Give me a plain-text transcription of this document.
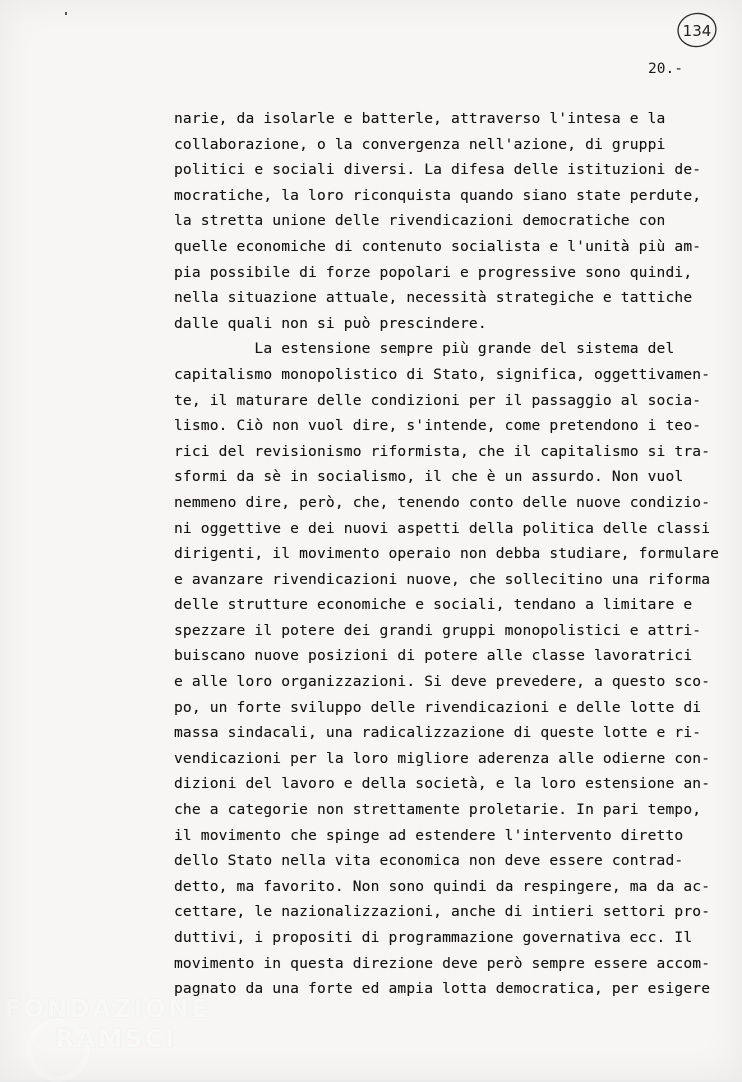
134
20.-
narie, da isolarle e batterle, attraverso l'intesa e la
collaborazione, o la convergenza nell'azione, di gruppi
politici e sociali diversi. La difesa delle istituzioni de-
mocratiche, la loro riconquista quando siano state perdute,
la stretta unione delle rivendicazioni democratiche con
quelle economiche di contenuto socialista e l'unità più am-
pia possibile di forze popolari e progressive sono quindi,
nella situazione attuale, necessità strategiche e tattiche
dalle quali non si può prescindere.
La estensione sempre più grande del sistema del
capitalismo monopolistico di Stato, significa, oggettivamen-
te, il maturare delle condizioni per il passaggio al socia-
lismo. Ciò non vuol dire, s'intende, come pretendono i teo-
rici del revisionismo riformista, che il capitalismo si tra-
sformi da sè in socialismo, il che è un assurdo. Non vuol
nemmeno dire, però, che, tenendo conto delle nuove condizio-
ni oggettive e dei nuovi aspetti della politica delle classi
dirigenti, il movimento operaio non debba studiare, formulare
e avanzare rivendicazioni nuove, che sollecitino una riforma
delle strutture economiche e sociali, tendano a limitare e
spezzare il potere dei grandi gruppi monopolistici e attri-
buiscano nuove posizioni di potere alle classe lavoratrici
e alle loro organizzazioni. Si deve prevedere, a questo sco-
po, un forte sviluppo delle rivendicazioni e delle lotte di
massa sindacali, una radicalizzazione di queste lotte e ri-
vendicazioni per la loro migliore aderenza alle odierne con-
dizioni del lavoro e della società, e la loro estensione an-
che a categorie non strettamente proletarie. In pari tempo,
il movimento che spinge ad estendere l'intervento diretto
dello Stato nella vita economica non deve essere contrad-
detto, ma favorito. Non sono quindi da respingere, ma da ac-
cettare, le nazionalizzazioni, anche di intieri settori pro-
duttivi, i propositi di programmazione governativa ecc. Il
movimento in questa direzione deve però sempre essere accom-
pagnato da una forte ed ampia lotta democratica, per esigere
FONDAZIONE
RAMSCI
